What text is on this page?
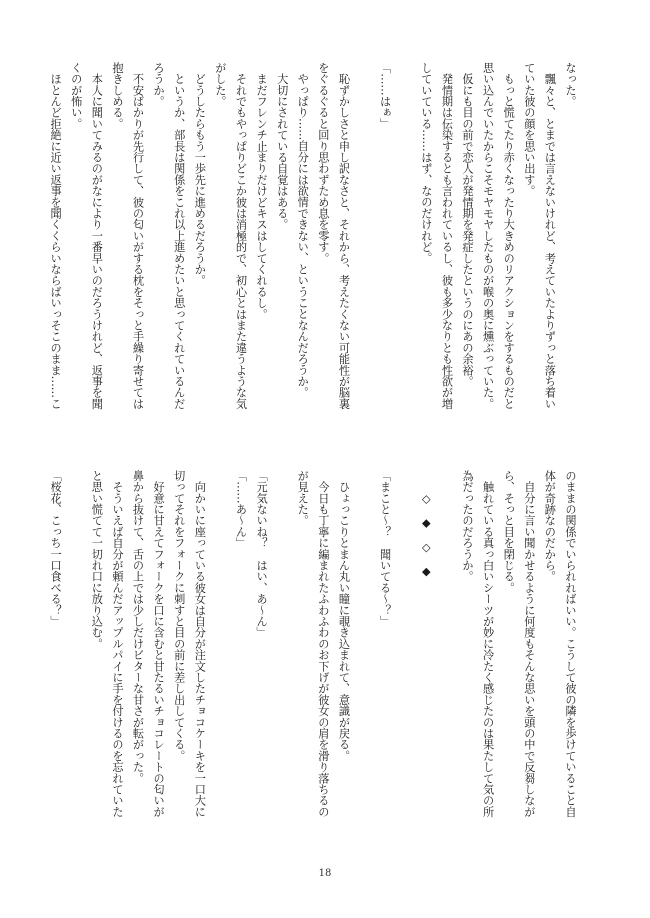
なった。
　飄々と、とまでは言えないけれど、考えていたよりずっと落ち着い
ていた彼の顔を思い出す。
　もっと慌てたり赤くなったり大きめのリアクションをするものだと
思い込んでいたからこそモヤモヤしたものが喉の奥に燻ぶっていた。
　仮にも目の前で恋人が発情期を発症したというのにあの余裕。
　発情期は伝染するとも言われているし、彼も多少なりとも性欲が増
していている……はず、なのだけれど。

「……はぁ」

　恥ずかしさと申し訳なさと、それから、考えたくない可能性が脳裏
をぐるぐると回り思わずため息を零す。
　やっぱり……自分には欲情できない、ということなんだろうか。
　大切にされている自覚はある。
　まだフレンチ止まりだけどキスはしてくれるし。
　それでもやっぱりどこか彼は消極的で、初心とはまた違うような気
がした。
　どうしたらもう一歩先に進めるだろうか。
　というか、部長は関係をこれ以上進めたいと思ってくれているんだ
ろうか。
　不安ばかりが先行して、彼の匂いがする枕をそっと手繰り寄せては
抱きしめる。
　本人に聞いてみるのがなにより一番早いのだろうけれど、返事を聞
くのが怖い。
　ほとんど拒絶に近い返事を聞くくらいならばいっそこのまま……こ
のままの関係でいられればいい。こうして彼の隣を歩けていること自
体が奇跡なのだから。
　自分に言い聞かせるように何度もそんな思いを頭の中で反芻しなが
ら、そっと目を閉じる。
　触れている真っ白いシーツが妙に冷たく感じたのは果たして気の所
為だったのだろうか。

　　◇　◆　◇　◆

「まこと〜？　聞いてる〜？」

　ひょっこりとまん丸い瞳に覗き込まれて、意識が戻る。
　今日も丁寧に編まれたふわふわのお下げが彼女の肩を滑り落ちるの
が見えた。

「元気ないね？　はい、あ〜ん」
「……あ〜ん」

　向かいに座っている彼女は自分が注文したチョコケーキを一口大に
切ってそれをフォークに刺すと目の前に差し出してくる。
　好意に甘えてフォークを口に含むと甘たるいチョコレートの匂いが
鼻から抜けて、舌の上では少しだけビターな甘さが転がった。
　そういえば自分が頼んだアップルパイに手を付けるのを忘れていた
と思い慌てて一切れ口に放り込む。

「桜花、こっち一口食べる？」
18
